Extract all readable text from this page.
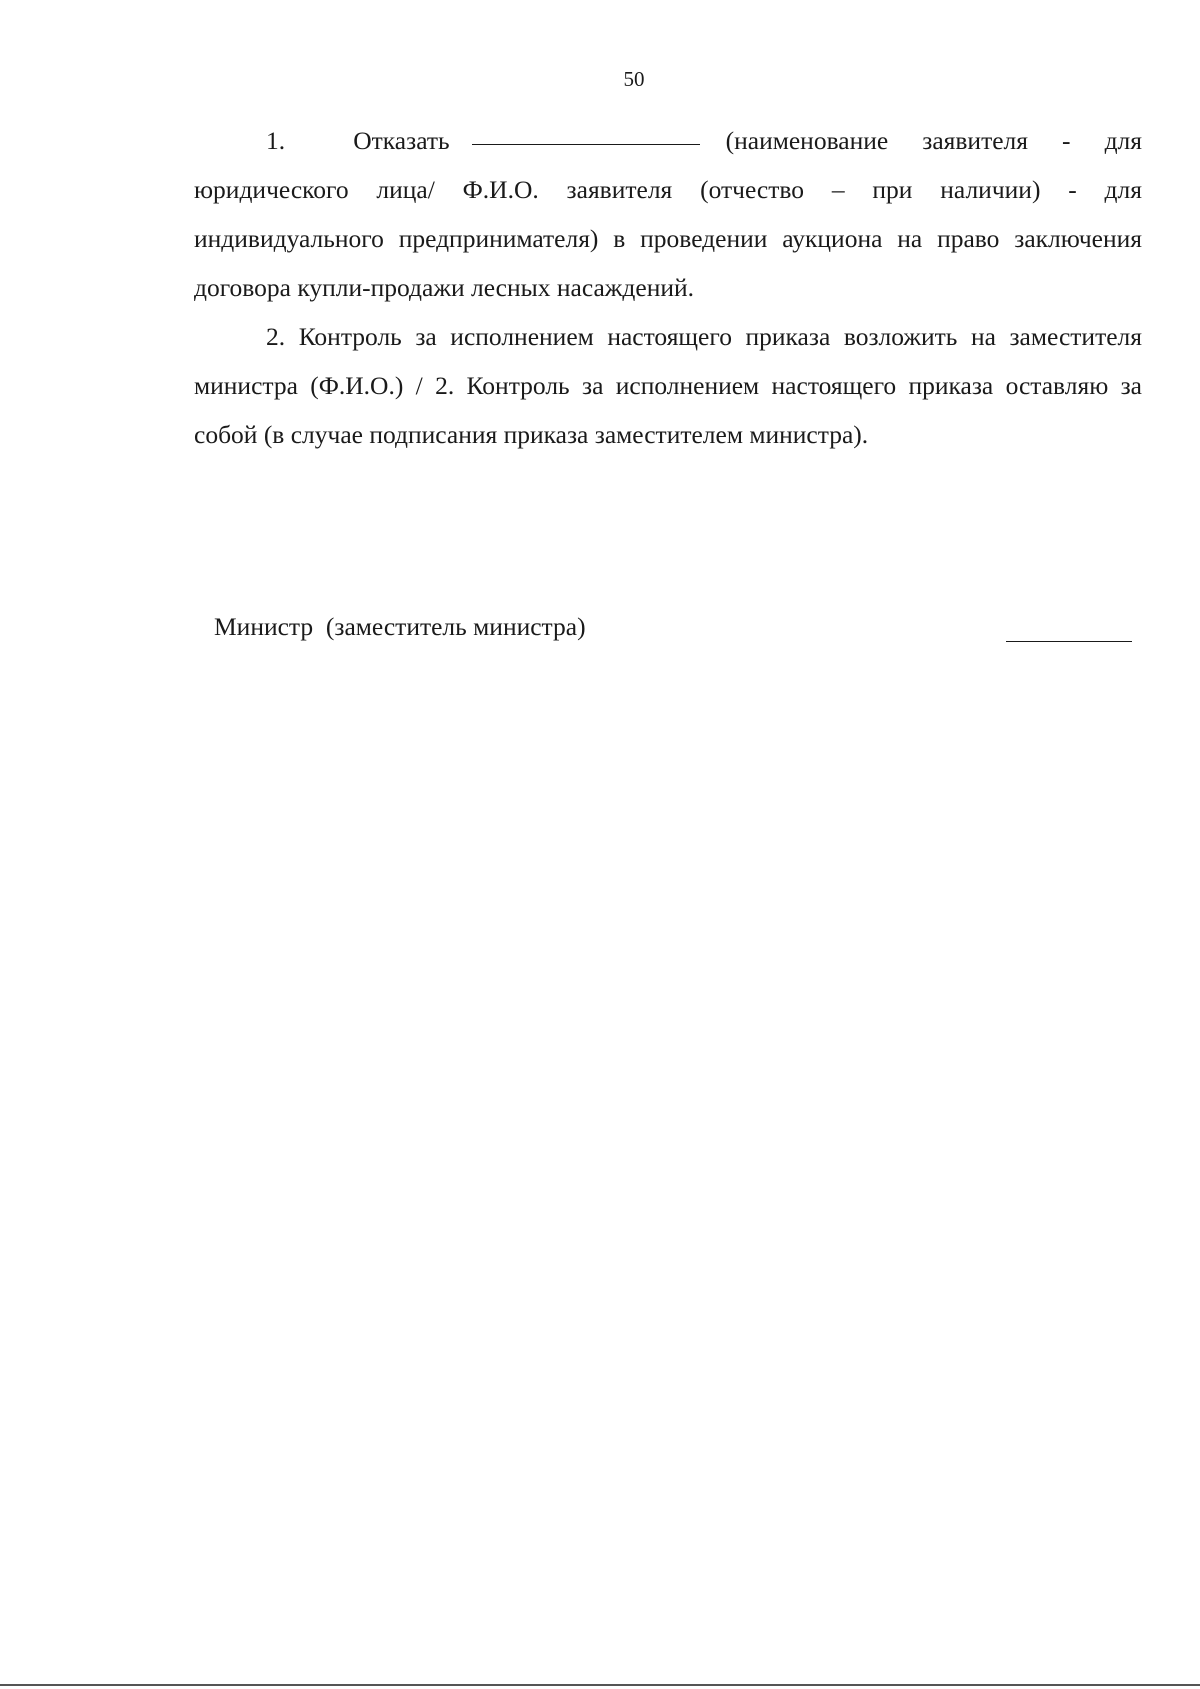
50

1.	Отказать	(наименование заявителя - для юридического лица/ Ф.И.О. заявителя (отчество – при наличии) - для индивидуального предпринимателя) в проведении аукциона на право заключения договора купли-продажи лесных насаждений.

2. Контроль за исполнением настоящего приказа возложить на заместителя министра (Ф.И.О.) / 2. Контроль за исполнением настоящего приказа оставляю за собой (в случае подписания приказа заместителем министра).

Министр  (заместитель министра)
